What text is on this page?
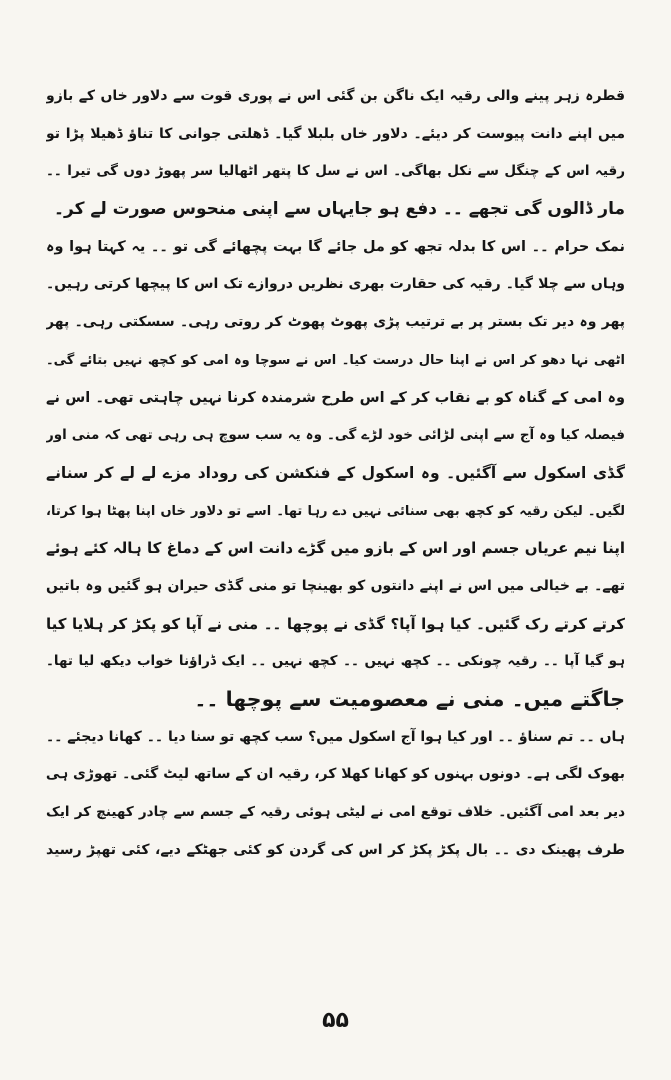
قطرہ زہر پینے والی رقیہ ایک ناگن بن گئی اس نے پوری قوت سے دلاور خاں کے بازو
میں اپنے دانت پیوست کر دیئے۔ دلاور خاں بلبلا گیا۔ ڈھلتی جوانی کا تناؤ ڈھیلا پڑا تو
رقیہ اس کے چنگل سے نکل بھاگی۔ اس نے سل کا پتھر اٹھالیا سر پھوڑ دوں گی تیرا ۔۔
مار ڈالوں گی تجھے ۔۔ دفع ہو جایہاں سے اپنی منحوس صورت لے کر۔
نمک حرام ۔۔ اس کا بدلہ تجھ کو مل جائے گا بہت پچھائے گی تو ۔۔ یہ کہتا ہوا وہ
وہاں سے چلا گیا۔ رقیہ کی حقارت بھری نظریں دروازے تک اس کا پیچھا کرتی رہیں۔
پھر وہ دیر تک بستر پر بے ترتیب پڑی پھوٹ پھوٹ کر روتی رہی۔ سسکتی رہی۔ پھر
اٹھی نہا دھو کر اس نے اپنا حال درست کیا۔ اس نے سوچا وہ امی کو کچھ نہیں بتائے گی۔
وہ امی کے گناہ کو بے نقاب کر کے اس طرح شرمندہ کرنا نہیں چاہتی تھی۔ اس نے
فیصلہ کیا وہ آج سے اپنی لڑائی خود لڑے گی۔ وہ یہ سب سوچ ہی رہی تھی کہ منی اور
گڈی اسکول سے آگئیں۔ وہ اسکول کے فنکشن کی روداد مزے لے لے کر سنانے
لگیں۔ لیکن رقیہ کو کچھ بھی سنائی نہیں دے رہا تھا۔ اسے تو دلاور خاں اپنا پھٹا ہوا کرتا،
اپنا نیم عریاں جسم اور اس کے بازو میں گڑے دانت اس کے دماغ کا ہالہ کئے ہوئے
تھے۔ بے خیالی میں اس نے اپنے دانتوں کو بھینچا تو منی گڈی حیران ہو گئیں وہ باتیں
کرتے کرتے رک گئیں۔ کیا ہوا آپا؟ گڈی نے پوچھا ۔۔ منی نے آپا کو پکڑ کر ہلایا کیا
ہو گیا آپا ۔۔ رقیہ چونکی ۔۔ کچھ نہیں ۔۔ کچھ نہیں ۔۔ ایک ڈراؤنا خواب دیکھ لیا تھا۔
جاگتے میں۔ منی نے معصومیت سے پوچھا ۔۔
ہاں ۔۔ تم سناؤ ۔۔ اور کیا ہوا آج اسکول میں؟ سب کچھ تو سنا دیا ۔۔ کھانا دیجئے ۔۔
بھوک لگی ہے۔ دونوں بہنوں کو کھانا کھلا کر، رقیہ ان کے ساتھ لیٹ گئی۔ تھوڑی ہی
دیر بعد امی آگئیں۔ خلاف توقع امی نے لیٹی ہوئی رقیہ کے جسم سے چادر کھینچ کر ایک
طرف پھینک دی ۔۔ بال پکڑ پکڑ کر اس کی گردن کو کئی جھٹکے دیے، کئی تھپڑ رسید
۵۵
